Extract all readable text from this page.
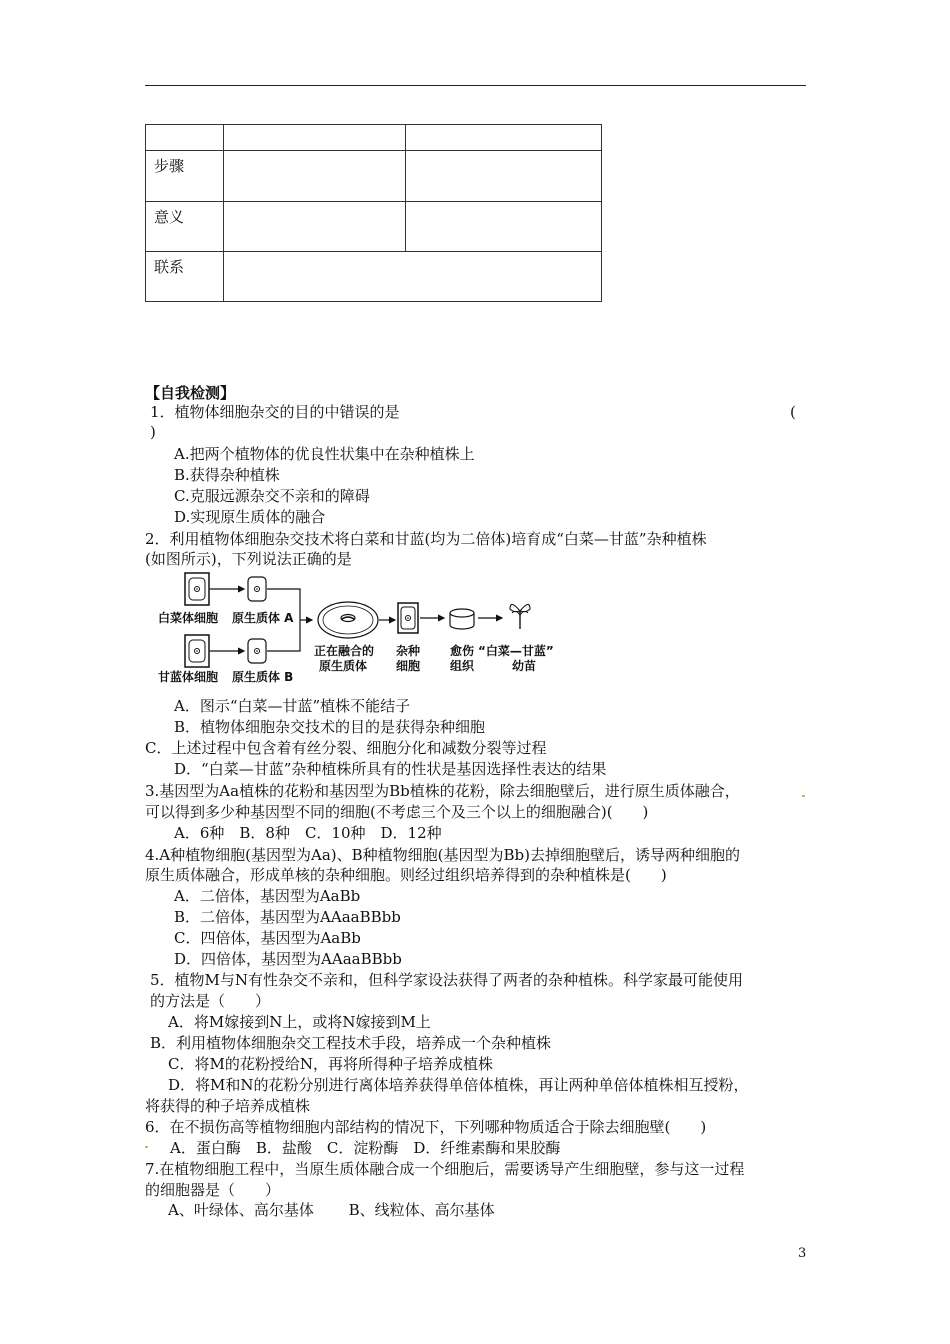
步骤		

意义		

联系		

【自我检测】
1．植物体细胞杂交的目的中错误的是	(
)
A.把两个植物体的优良性状集中在杂种植株上
B.获得杂种植株
C.克服远源杂交不亲和的障碍
D.实现原生质体的融合
2．利用植物体细胞杂交技术将白菜和甘蓝(均为二倍体)培育成“白菜—甘蓝”杂种植株
(如图所示)，下列说法正确的是
白菜体细胞 原生质体 A
甘蓝体细胞 原生质体 B
正在融合的
原生质体
杂种
细胞
愈伤
组织
“白菜—甘蓝”
幼苗
A．图示“白菜—甘蓝”植株不能结子
B．植物体细胞杂交技术的目的是获得杂种细胞
C．上述过程中包含着有丝分裂、细胞分化和减数分裂等过程
D．“白菜—甘蓝”杂种植株所具有的性状是基因选择性表达的结果
3.基因型为Aa植株的花粉和基因型为Bb植株的花粉，除去细胞壁后，进行原生质体融合，
可以得到多少种基因型不同的细胞(不考虑三个及三个以上的细胞融合)(　　)
A．6种　B．8种　C．10种　D．12种
4.A种植物细胞(基因型为Aa)、B种植物细胞(基因型为Bb)去掉细胞壁后，诱导两种细胞的
原生质体融合，形成单核的杂种细胞。则经过组织培养得到的杂种植株是(　　)
A．二倍体，基因型为AaBb
B．二倍体，基因型为AAaaBBbb
C．四倍体，基因型为AaBb
D．四倍体，基因型为AAaaBBbb
5．植物M与N有性杂交不亲和，但科学家设法获得了两者的杂种植株。科学家最可能使用
的方法是（　　）
A．将M嫁接到N上，或将N嫁接到M上
B．利用植物体细胞杂交工程技术手段，培养成一个杂种植株
C．将M的花粉授给N，再将所得种子培养成植株
D．将M和N的花粉分别进行离体培养获得单倍体植株，再让两种单倍体植株相互授粉，
将获得的种子培养成植株
6．在不损伤高等植物细胞内部结构的情况下，下列哪种物质适合于除去细胞壁(　　)
A．蛋白酶　B．盐酸　C．淀粉酶　D．纤维素酶和果胶酶
7.在植物细胞工程中，当原生质体融合成一个细胞后，需要诱导产生细胞壁，参与这一过程
的细胞器是（　　）
A、叶绿体、高尔基体　　 B、线粒体、高尔基体
3
